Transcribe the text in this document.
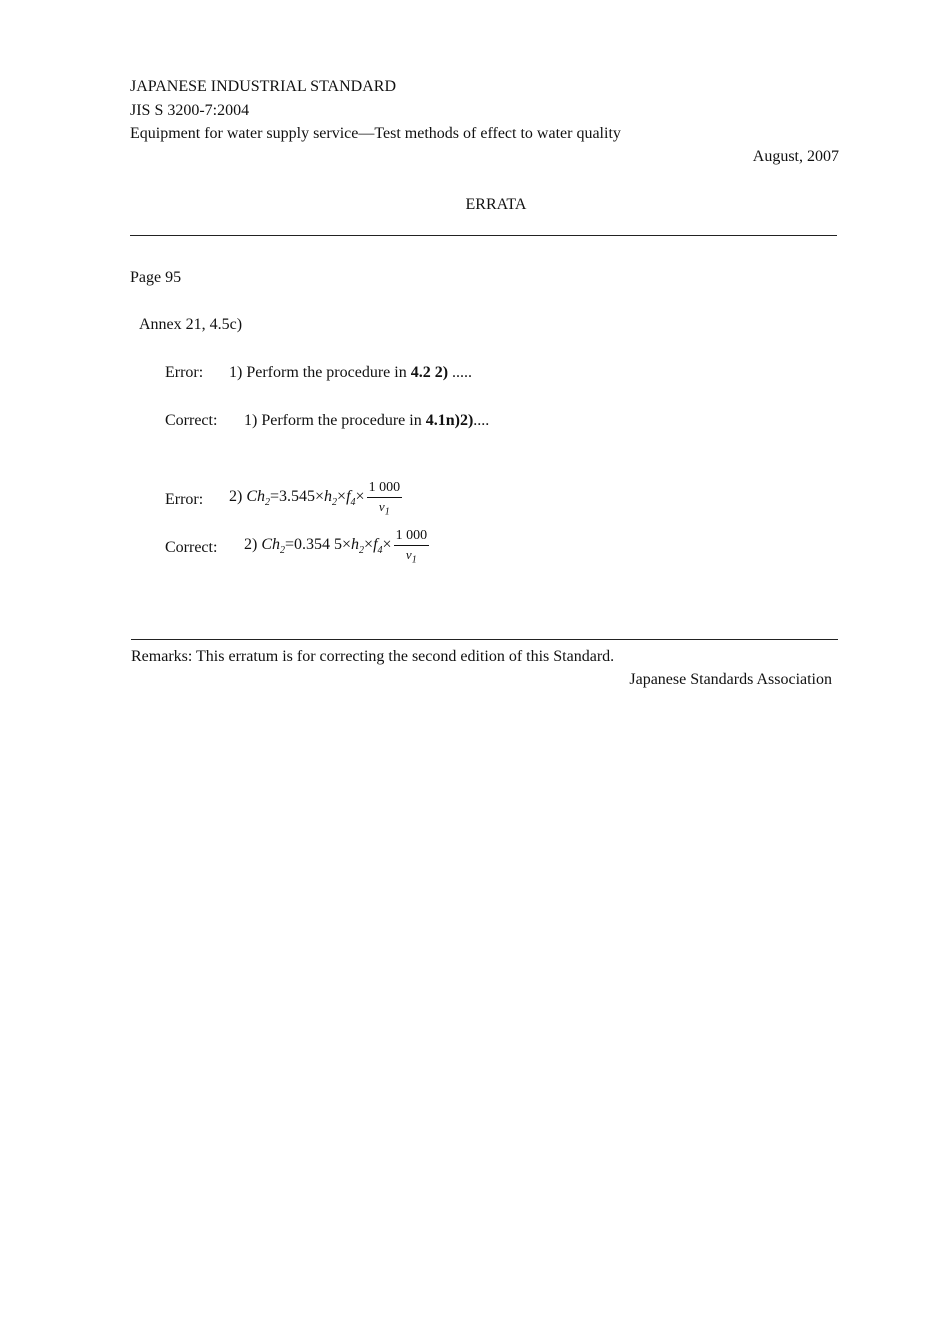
JAPANESE INDUSTRIAL STANDARD
JIS S 3200-7:2004
Equipment for water supply service—Test methods of effect to water quality
August, 2007
ERRATA
Page 95
Annex 21, 4.5c)
Error: 1) Perform the procedure in 4.2 2) .....
Correct: 1) Perform the procedure in 4.1n)2)....
Error: 2) $Ch_2=3.545\times h_2\times f_4\times \frac{1 000}{v_1}$
Correct: 2) $Ch_2=0.354$ $5\times h_2\times f_4\times \frac{1 000}{v_1}$
Remarks: This erratum is for correcting the second edition of this Standard.
Japanese Standards Association
